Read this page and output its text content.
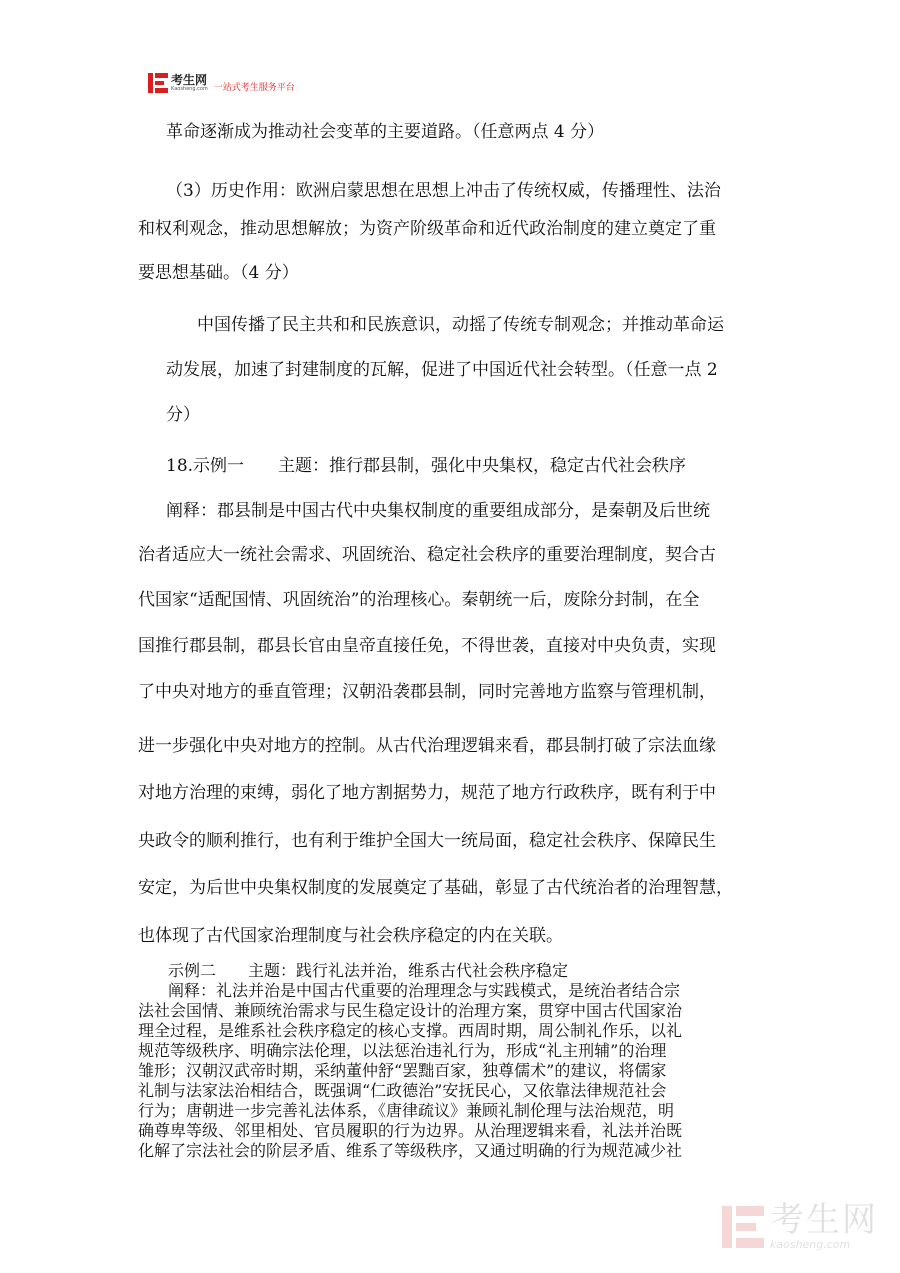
考生网
Kaosheng.com 一站式考生服务平台
革命逐渐成为推动社会变革的主要道路。（任意两点 4 分）
（3）历史作用：欧洲启蒙思想在思想上冲击了传统权威，传播理性、法治
和权利观念，推动思想解放；为资产阶级革命和近代政治制度的建立奠定了重
要思想基础。（4 分）
中国传播了民主共和和民族意识，动摇了传统专制观念；并推动革命运
动发展，加速了封建制度的瓦解，促进了中国近代社会转型。（任意一点 2
分）
18.示例一　　主题：推行郡县制，强化中央集权，稳定古代社会秩序
阐释：郡县制是中国古代中央集权制度的重要组成部分，是秦朝及后世统
治者适应大一统社会需求、巩固统治、稳定社会秩序的重要治理制度，契合古
代国家“适配国情、巩固统治”的治理核心。秦朝统一后，废除分封制，在全
国推行郡县制，郡县长官由皇帝直接任免，不得世袭，直接对中央负责，实现
了中央对地方的垂直管理；汉朝沿袭郡县制，同时完善地方监察与管理机制，
进一步强化中央对地方的控制。从古代治理逻辑来看，郡县制打破了宗法血缘
对地方治理的束缚，弱化了地方割据势力，规范了地方行政秩序，既有利于中
央政令的顺利推行，也有利于维护全国大一统局面，稳定社会秩序、保障民生
安定，为后世中央集权制度的发展奠定了基础，彰显了古代统治者的治理智慧，
也体现了古代国家治理制度与社会秩序稳定的内在关联。
示例二　　主题：践行礼法并治，维系古代社会秩序稳定
阐释：礼法并治是中国古代重要的治理理念与实践模式，是统治者结合宗
法社会国情、兼顾统治需求与民生稳定设计的治理方案，贯穿中国古代国家治
理全过程，是维系社会秩序稳定的核心支撑。西周时期，周公制礼作乐，以礼
规范等级秩序、明确宗法伦理，以法惩治违礼行为，形成“礼主刑辅”的治理
雏形；汉朝汉武帝时期，采纳董仲舒“罢黜百家，独尊儒术”的建议，将儒家
礼制与法家法治相结合，既强调“仁政德治”安抚民心，又依靠法律规范社会
行为；唐朝进一步完善礼法体系，《唐律疏议》兼顾礼制伦理与法治规范，明
确尊卑等级、邻里相处、官员履职的行为边界。从治理逻辑来看，礼法并治既
化解了宗法社会的阶层矛盾、维系了等级秩序，又通过明确的行为规范减少社
考生网
kaosheng.com
